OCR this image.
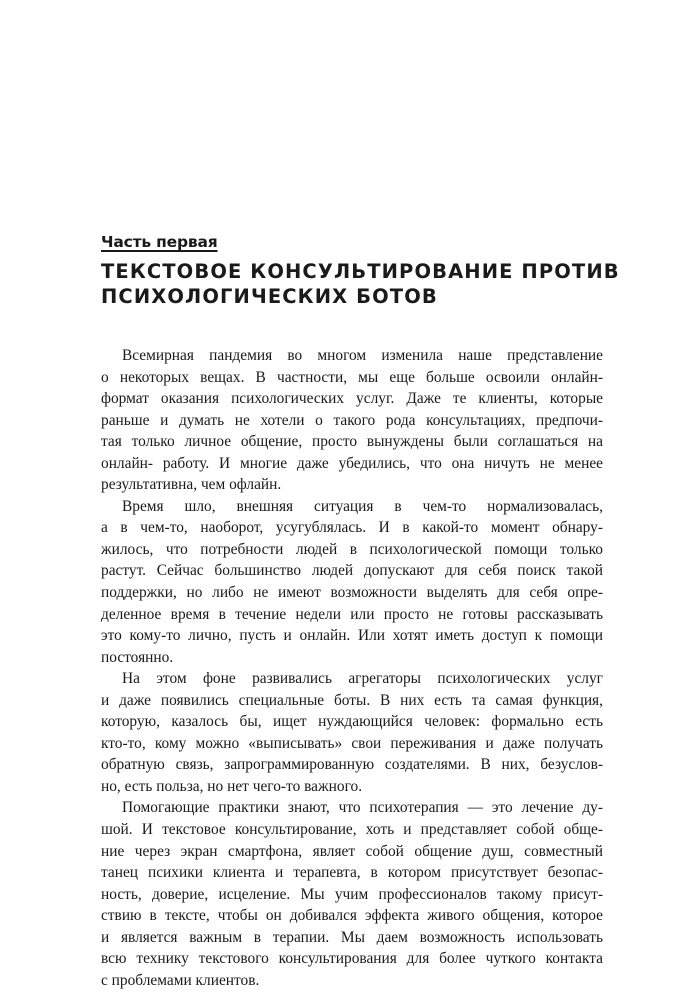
Часть первая
ТЕКСТОВОЕ КОНСУЛЬТИРОВАНИЕ ПРОТИВ
ПСИХОЛОГИЧЕСКИХ БОТОВ
Всемирная пандемия во многом изменила наше представление
о некоторых вещах. В частности, мы еще больше освоили онлайн-
формат оказания психологических услуг. Даже те клиенты, которые
раньше и думать не хотели о такого рода консультациях, предпочи-
тая только личное общение, просто вынуждены были соглашаться на
онлайн- работу. И многие даже убедились, что она ничуть не менее
результативна, чем офлайн.
Время шло, внешняя ситуация в чем-то нормализовалась,
а в чем-то, наоборот, усугублялась. И в какой-то момент обнару-
жилось, что потребности людей в психологической помощи только
растут. Сейчас большинство людей допускают для себя поиск такой
поддержки, но либо не имеют возможности выделять для себя опре-
деленное время в течение недели или просто не готовы рассказывать
это кому-то лично, пусть и онлайн. Или хотят иметь доступ к помощи
постоянно.
На этом фоне развивались агрегаторы психологических услуг
и даже появились специальные боты. В них есть та самая функция,
которую, казалось бы, ищет нуждающийся человек: формально есть
кто-то, кому можно «выписывать» свои переживания и даже получать
обратную связь, запрограммированную создателями. В них, безуслов-
но, есть польза, но нет чего-то важного.
Помогающие практики знают, что психотерапия — это лечение ду-
шой. И текстовое консультирование, хоть и представляет собой обще-
ние через экран смартфона, являет собой общение душ, совместный
танец психики клиента и терапевта, в котором присутствует безопас-
ность, доверие, исцеление. Мы учим профессионалов такому присут-
ствию в тексте, чтобы он добивался эффекта живого общения, которое
и является важным в терапии. Мы даем возможность использовать
всю технику текстового консультирования для более чуткого контакта
с проблемами клиентов.
